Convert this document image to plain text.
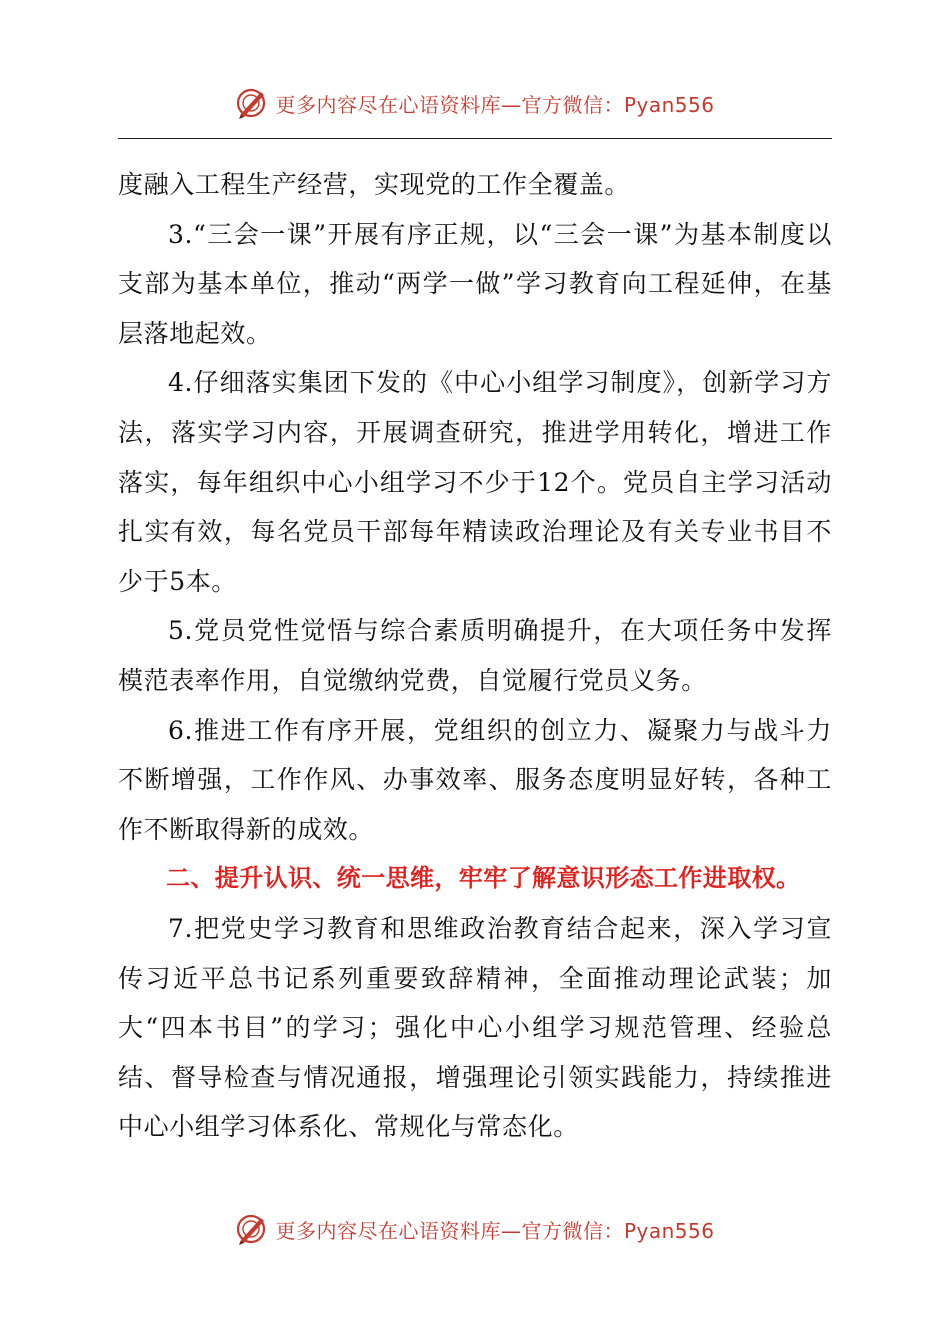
更多内容尽在心语资料库—官方微信：Pyan556

度融入工程生产经营，实现党的工作全覆盖。

3.“三会一课”开展有序正规，以“三会一课”为基本制度以支部为基本单位，推动“两学一做”学习教育向工程延伸，在基层落地起效。

4.仔细落实集团下发的《中心小组学习制度》，创新学习方法，落实学习内容，开展调查研究，推进学用转化，增进工作落实，每年组织中心小组学习不少于12个。党员自主学习活动扎实有效，每名党员干部每年精读政治理论及有关专业书目不少于5本。

5.党员党性觉悟与综合素质明确提升，在大项任务中发挥模范表率作用，自觉缴纳党费，自觉履行党员义务。

6.推进工作有序开展，党组织的创立力、凝聚力与战斗力不断增强，工作作风、办事效率、服务态度明显好转，各种工作不断取得新的成效。

二、提升认识、统一思维，牢牢了解意识形态工作进取权。

7.把党史学习教育和思维政治教育结合起来，深入学习宣传习近平总书记系列重要致辞精神，全面推动理论武装；加大“四本书目”的学习；强化中心小组学习规范管理、经验总结、督导检查与情况通报，增强理论引领实践能力，持续推进中心小组学习体系化、常规化与常态化。

更多内容尽在心语资料库—官方微信：Pyan556
